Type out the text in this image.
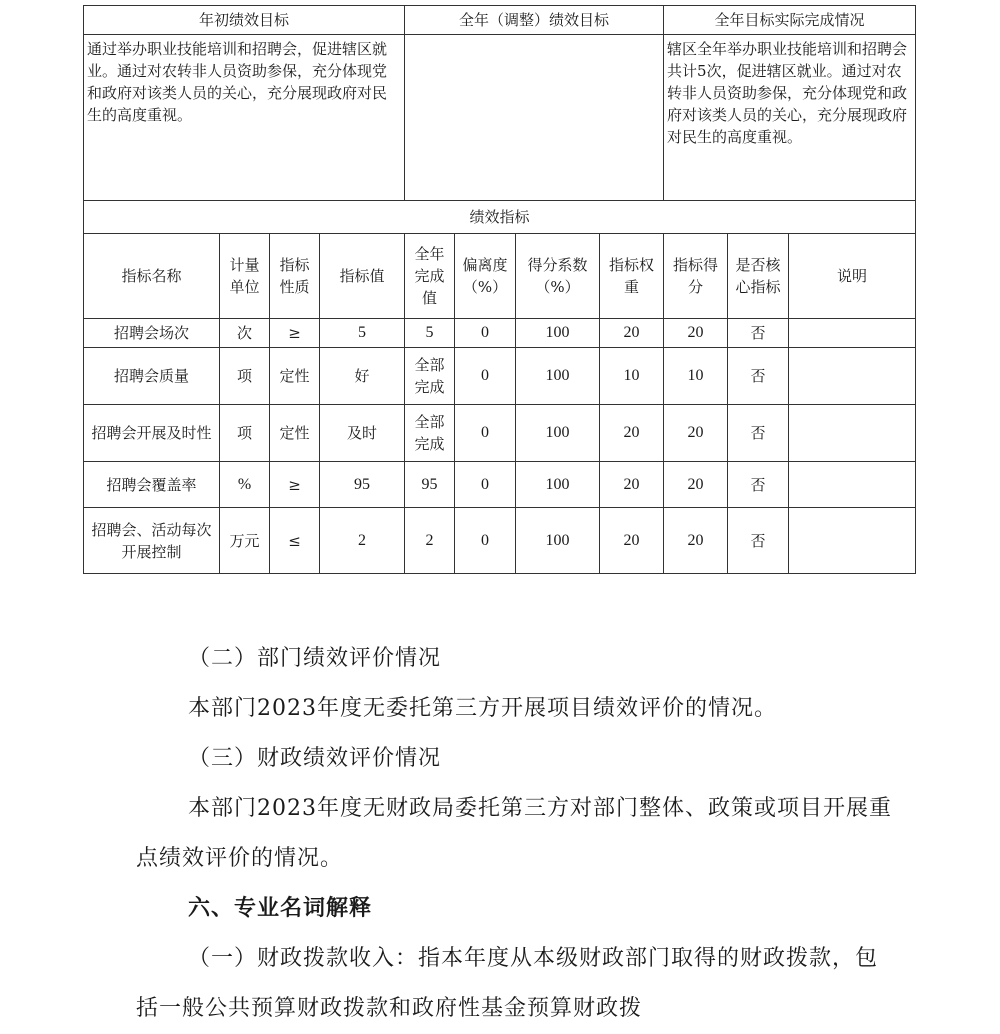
年初绩效目标				全年（调整）绩效目标				全年目标实际完成情况		
通过举办职业技能培训和招聘会，促进辖区就业。通过对农转非人员资助参保，充分体现党和政府对该类人员的关心，充分展现政府对民生的高度重视。								辖区全年举办职业技能培训和招聘会共计5次，促进辖区就业。通过对农转非人员资助参保，充分体现党和政府对该类人员的关心，充分展现政府对民生的高度重视。		
绩效指标										
指标名称	计量单位	指标性质	指标值	全年完成值	偏离度（%）	得分系数（%）	指标权重	指标得分	是否核心指标	说明
招聘会场次	次	≥	5	5	0	100	20	20	否	
招聘会质量	项	定性	好	全部完成	0	100	10	10	否	
招聘会开展及时性	项	定性	及时	全部完成	0	100	20	20	否	
招聘会覆盖率	%	≥	95	95	0	100	20	20	否	
招聘会、活动每次开展控制	万元	≤	2	2	0	100	20	20	否	

（二）部门绩效评价情况

本部门2023年度无委托第三方开展项目绩效评价的情况。

（三）财政绩效评价情况

本部门2023年度无财政局委托第三方对部门整体、政策或项目开展重点绩效评价的情况。

六、专业名词解释

（一）财政拨款收入：指本年度从本级财政部门取得的财政拨款，包括一般公共预算财政拨款和政府性基金预算财政拨
